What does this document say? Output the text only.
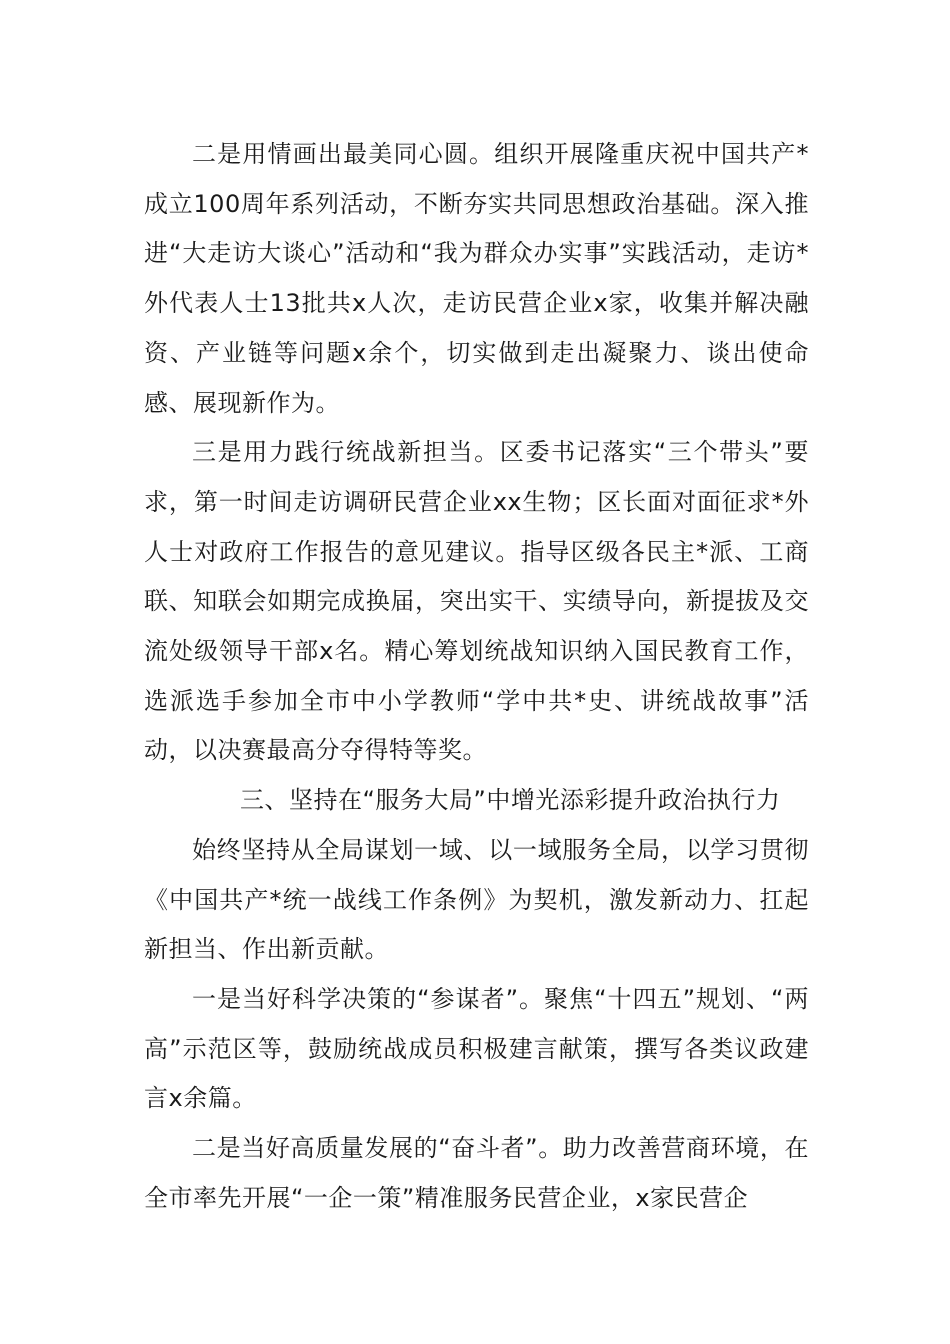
二是用情画出最美同心圆。组织开展隆重庆祝中国共产*成立100周年系列活动，不断夯实共同思想政治基础。深入推进“大走访大谈心”活动和“我为群众办实事”实践活动，走访*外代表人士13批共x人次，走访民营企业x家，收集并解决融资、产业链等问题x余个，切实做到走出凝聚力、谈出使命感、展现新作为。

三是用力践行统战新担当。区委书记落实“三个带头”要求，第一时间走访调研民营企业xx生物；区长面对面征求*外人士对政府工作报告的意见建议。指导区级各民主*派、工商联、知联会如期完成换届，突出实干、实绩导向，新提拔及交流处级领导干部x名。精心筹划统战知识纳入国民教育工作，选派选手参加全市中小学教师“学中共*史、讲统战故事”活动，以决赛最高分夺得特等奖。

三、坚持在“服务大局”中增光添彩提升政治执行力

始终坚持从全局谋划一域、以一域服务全局，以学习贯彻《中国共产*统一战线工作条例》为契机，激发新动力、扛起新担当、作出新贡献。

一是当好科学决策的“参谋者”。聚焦“十四五”规划、“两高”示范区等，鼓励统战成员积极建言献策，撰写各类议政建言x余篇。

二是当好高质量发展的“奋斗者”。助力改善营商环境，在全市率先开展“一企一策”精准服务民营企业，x家民营企
